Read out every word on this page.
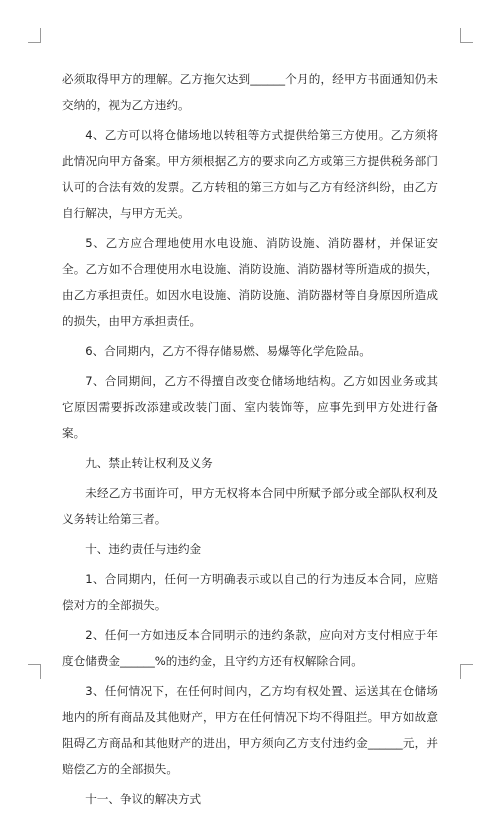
必须取得甲方的理解。乙方拖欠达到______个月的，经甲方书面通知仍未交纳的，视为乙方违约。

4、乙方可以将仓储场地以转租等方式提供给第三方使用。乙方须将此情况向甲方备案。甲方须根据乙方的要求向乙方或第三方提供税务部门认可的合法有效的发票。乙方转租的第三方如与乙方有经济纠纷，由乙方自行解决，与甲方无关。

5、乙方应合理地使用水电设施、消防设施、消防器材，并保证安全。乙方如不合理使用水电设施、消防设施、消防器材等所造成的损失，由乙方承担责任。如因水电设施、消防设施、消防器材等自身原因所造成的损失，由甲方承担责任。

6、合同期内，乙方不得存储易燃、易爆等化学危险品。

7、合同期间，乙方不得擅自改变仓储场地结构。乙方如因业务或其它原因需要拆改添建或改装门面、室内装饰等，应事先到甲方处进行备案。

九、禁止转让权利及义务

未经乙方书面许可，甲方无权将本合同中所赋予部分或全部队权利及义务转让给第三者。

十、违约责任与违约金

1、合同期内，任何一方明确表示或以自己的行为违反本合同，应赔偿对方的全部损失。

2、任何一方如违反本合同明示的违约条款，应向对方支付相应于年度仓储费金______%的违约金，且守约方还有权解除合同。

3、任何情况下，在任何时间内，乙方均有权处置、运送其在仓储场地内的所有商品及其他财产，甲方在任何情况下均不得阻拦。甲方如故意阻碍乙方商品和其他财产的进出，甲方须向乙方支付违约金______元，并赔偿乙方的全部损失。

十一、争议的解决方式
